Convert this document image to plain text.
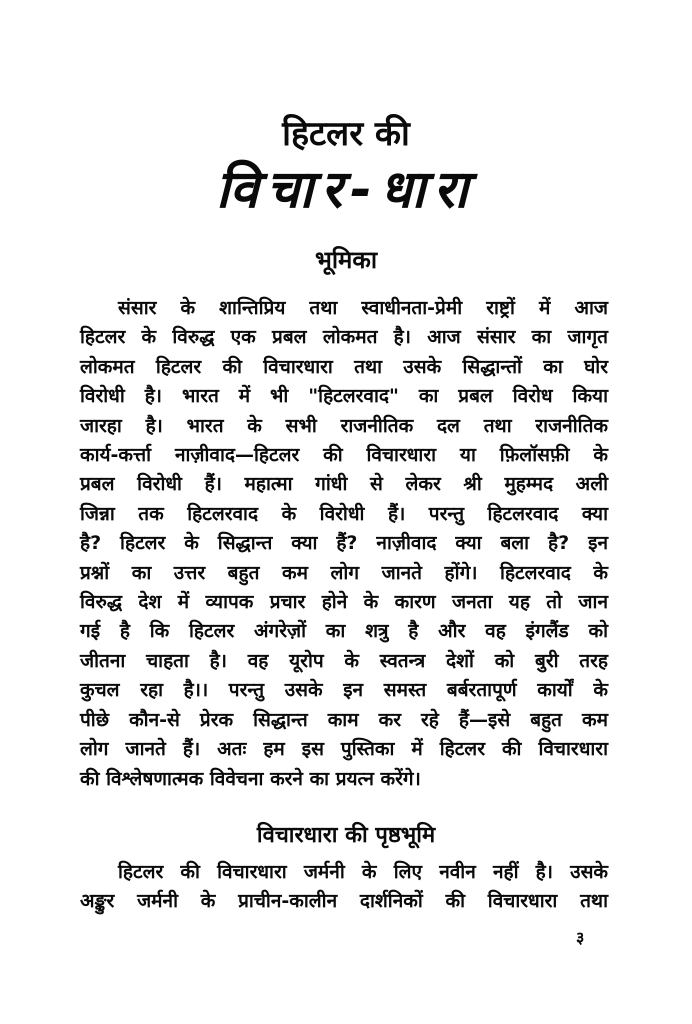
हिटलर की
विचार-धारा
भूमिका
संसार के शान्तिप्रिय तथा स्वाधीनता-प्रेमी राष्ट्रों में आज
हिटलर के विरुद्ध एक प्रबल लोकमत है। आज संसार का जागृत
लोकमत हिटलर की विचारधारा तथा उसके सिद्धान्तों का घोर
विरोधी है। भारत में भी "हिटलरवाद" का प्रबल विरोध किया
जारहा है। भारत के सभी राजनीतिक दल तथा राजनीतिक
कार्य-कर्त्ता नाज़ीवाद—हिटलर की विचारधारा या फ़िलॉसफ़ी के
प्रबल विरोधी हैं। महात्मा गांधी से लेकर श्री मुहम्मद अली
जिन्ना तक हिटलरवाद के विरोधी हैं। परन्तु हिटलरवाद क्या
है? हिटलर के सिद्धान्त क्या हैं? नाज़ीवाद क्या बला है? इन
प्रश्नों का उत्तर बहुत कम लोग जानते होंगे। हिटलरवाद के
विरुद्ध देश में व्यापक प्रचार होने के कारण जनता यह तो जान
गई है कि हिटलर अंगरेज़ों का शत्रु है और वह इंगलैंड को
जीतना चाहता है। वह यूरोप के स्वतन्त्र देशों को बुरी तरह
कुचल रहा है।। परन्तु उसके इन समस्त बर्बरतापूर्ण कार्यों के
पीछे कौन-से प्रेरक सिद्धान्त काम कर रहे हैं—इसे बहुत कम
लोग जानते हैं। अतः हम इस पुस्तिका में हिटलर की विचारधारा
की विश्लेषणात्मक विवेचना करने का प्रयत्न करेंगे।
विचारधारा की पृष्ठभूमि
हिटलर की विचारधारा जर्मनी के लिए नवीन नहीं है। उसके
अङ्कुर जर्मनी के प्राचीन-कालीन दार्शनिकों की विचारधारा तथा
३
